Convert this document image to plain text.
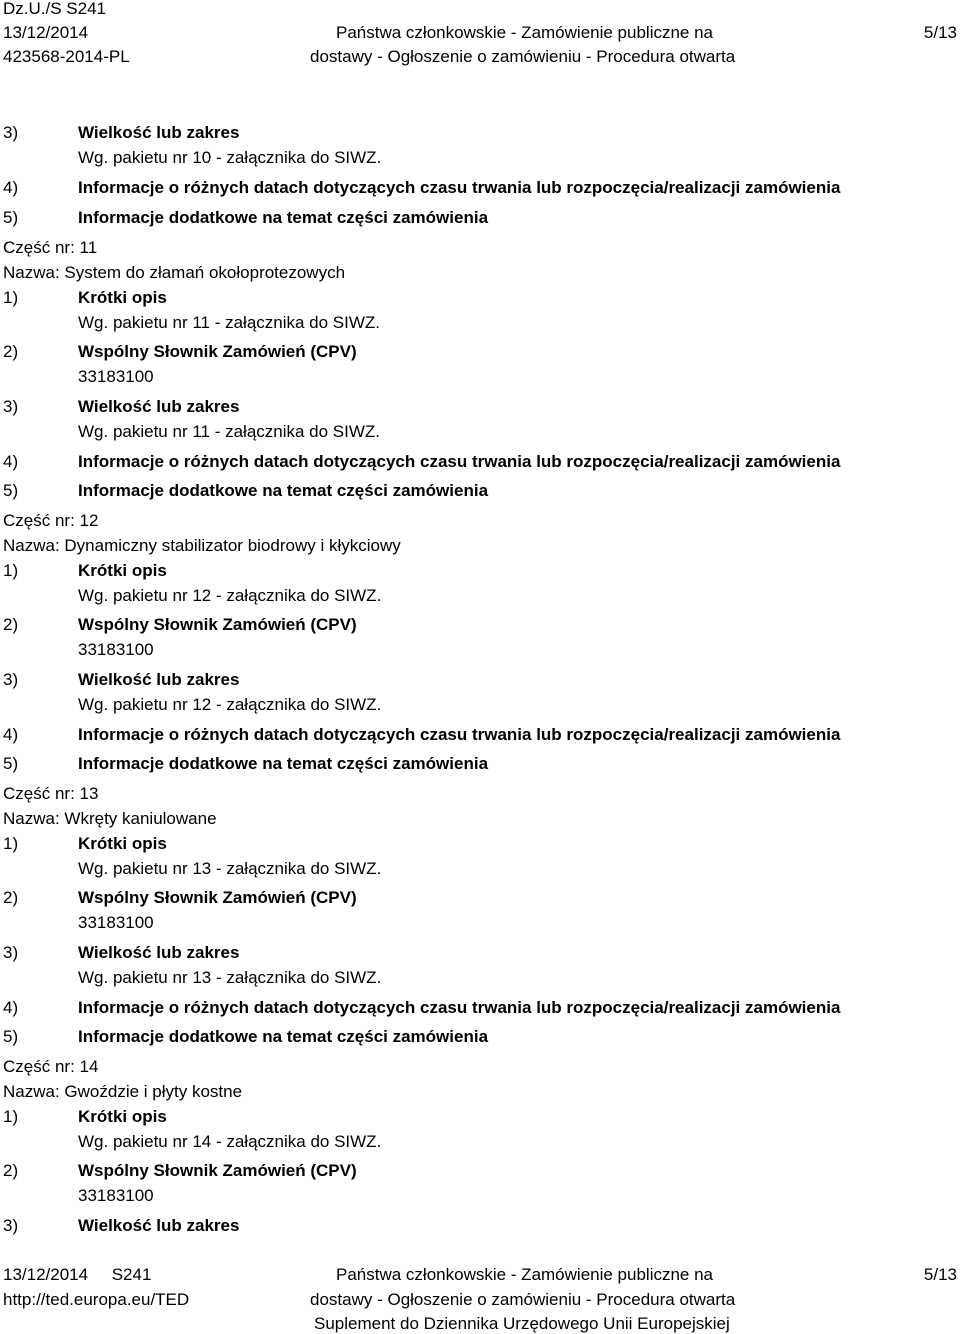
Dz.U./S S241
13/12/2014
423568-2014-PL
Państwa członkowskie - Zamówienie publiczne na
dostawy - Ogłoszenie o zamówieniu - Procedura otwarta
5/13
3)	Wielkość lub zakres
Wg. pakietu nr 10 - załącznika do SIWZ.
4)	Informacje o różnych datach dotyczących czasu trwania lub rozpoczęcia/realizacji zamówienia
5)	Informacje dodatkowe na temat części zamówienia
Część nr: 11
Nazwa: System do złamań okołoprotezowych
1)	Krótki opis
Wg. pakietu nr 11 - załącznika do SIWZ.
2)	Wspólny Słownik Zamówień (CPV)
33183100
3)	Wielkość lub zakres
Wg. pakietu nr 11 - załącznika do SIWZ.
4)	Informacje o różnych datach dotyczących czasu trwania lub rozpoczęcia/realizacji zamówienia
5)	Informacje dodatkowe na temat części zamówienia
Część nr: 12
Nazwa: Dynamiczny stabilizator biodrowy i kłykciowy
1)	Krótki opis
Wg. pakietu nr 12 - załącznika do SIWZ.
2)	Wspólny Słownik Zamówień (CPV)
33183100
3)	Wielkość lub zakres
Wg. pakietu nr 12 - załącznika do SIWZ.
4)	Informacje o różnych datach dotyczących czasu trwania lub rozpoczęcia/realizacji zamówienia
5)	Informacje dodatkowe na temat części zamówienia
Część nr: 13
Nazwa: Wkręty kaniulowane
1)	Krótki opis
Wg. pakietu nr 13 - załącznika do SIWZ.
2)	Wspólny Słownik Zamówień (CPV)
33183100
3)	Wielkość lub zakres
Wg. pakietu nr 13 - załącznika do SIWZ.
4)	Informacje o różnych datach dotyczących czasu trwania lub rozpoczęcia/realizacji zamówienia
5)	Informacje dodatkowe na temat części zamówienia
Część nr: 14
Nazwa: Gwoździe i płyty kostne
1)	Krótki opis
Wg. pakietu nr 14 - załącznika do SIWZ.
2)	Wspólny Słownik Zamówień (CPV)
33183100
3)	Wielkość lub zakres
13/12/2014     S241
http://ted.europa.eu/TED
Państwa członkowskie - Zamówienie publiczne na
dostawy - Ogłoszenie o zamówieniu - Procedura otwarta
Suplement do Dziennika Urzędowego Unii Europejskiej
5/13
